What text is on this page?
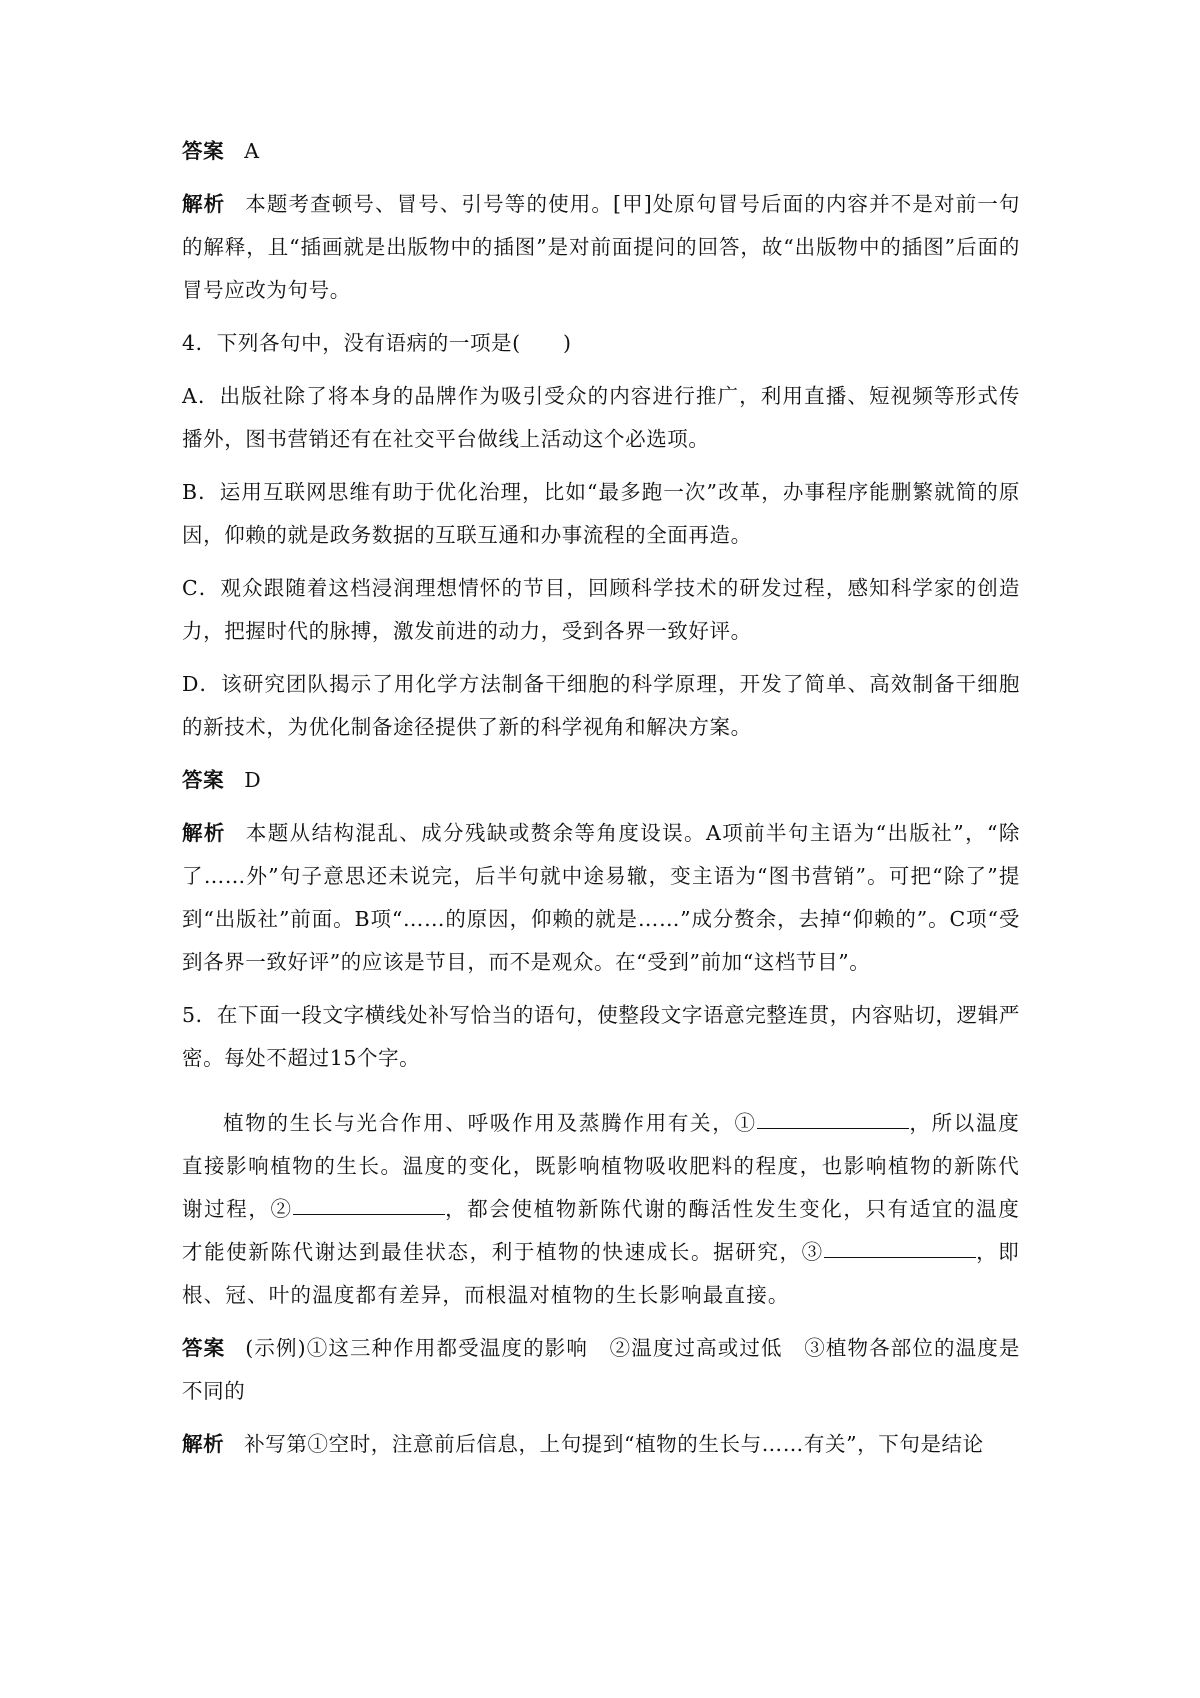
答案 A

解析 本题考查顿号、冒号、引号等的使用。[甲]处原句冒号后面的内容并不是对前一句的解释，且“插画就是出版物中的插图”是对前面提问的回答，故“出版物中的插图”后面的冒号应改为句号。

4．下列各句中，没有语病的一项是(　　)

A．出版社除了将本身的品牌作为吸引受众的内容进行推广，利用直播、短视频等形式传播外，图书营销还有在社交平台做线上活动这个必选项。

B．运用互联网思维有助于优化治理，比如“最多跑一次”改革，办事程序能删繁就简的原因，仰赖的就是政务数据的互联互通和办事流程的全面再造。

C．观众跟随着这档浸润理想情怀的节目，回顾科学技术的研发过程，感知科学家的创造力，把握时代的脉搏，激发前进的动力，受到各界一致好评。

D．该研究团队揭示了用化学方法制备干细胞的科学原理，开发了简单、高效制备干细胞的新技术，为优化制备途径提供了新的科学视角和解决方案。

答案 D

解析 本题从结构混乱、成分残缺或赘余等角度设误。A项前半句主语为“出版社”，“除了……外”句子意思还未说完，后半句就中途易辙，变主语为“图书营销”。可把“除了”提到“出版社”前面。B项“……的原因，仰赖的就是……”成分赘余，去掉“仰赖的”。C项“受到各界一致好评”的应该是节目，而不是观众。在“受到”前加“这档节目”。

5．在下面一段文字横线处补写恰当的语句，使整段文字语意完整连贯，内容贴切，逻辑严密。每处不超过15个字。

植物的生长与光合作用、呼吸作用及蒸腾作用有关，①	，所以温度直接影响植物的生长。温度的变化，既影响植物吸收肥料的程度，也影响植物的新陈代谢过程，②	，都会使植物新陈代谢的酶活性发生变化，只有适宜的温度才能使新陈代谢达到最佳状态，利于植物的快速成长。据研究，③	，即根、冠、叶的温度都有差异，而根温对植物的生长影响最直接。

答案 (示例)①这三种作用都受温度的影响　②温度过高或过低　③植物各部位的温度是不同的

解析 补写第①空时，注意前后信息，上句提到“植物的生长与……有关”，下句是结论
